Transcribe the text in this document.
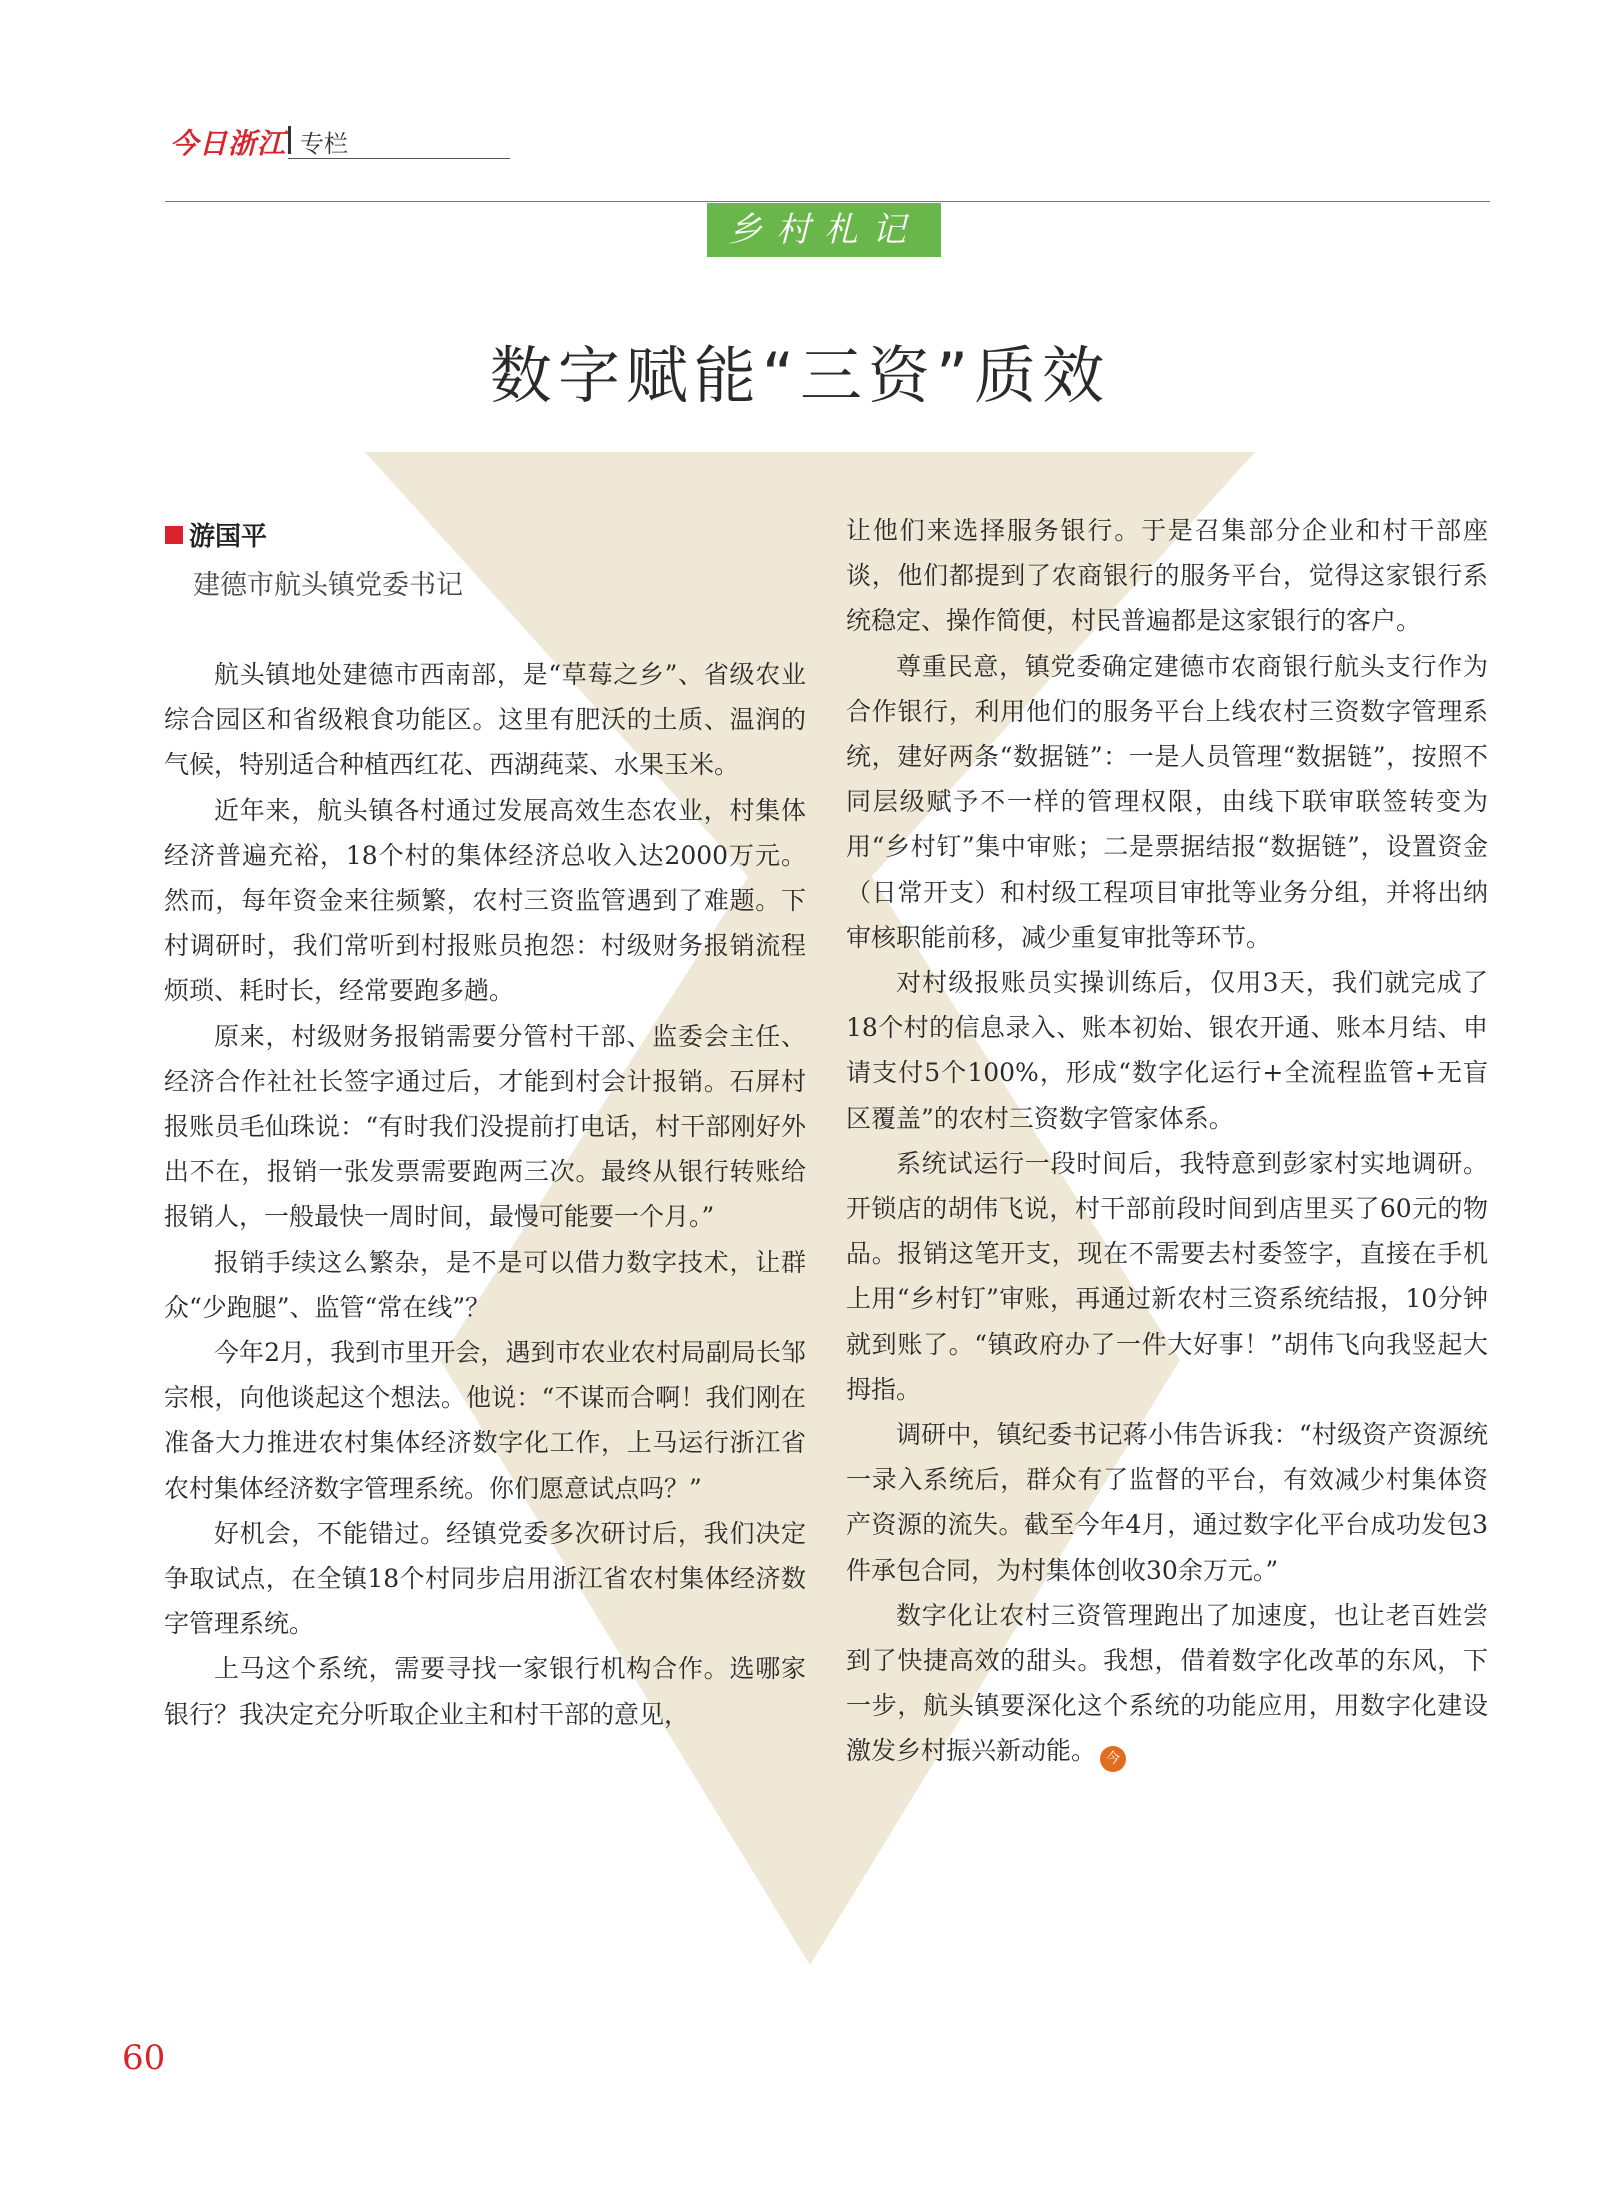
今日浙江 专栏
乡村札记
数字赋能“三资”质效
游国平
建德市航头镇党委书记

航头镇地处建德市西南部，是“草莓之乡”、省级农业综合园区和省级粮食功能区。这里有肥沃的土质、温润的气候，特别适合种植西红花、西湖莼菜、水果玉米。

近年来，航头镇各村通过发展高效生态农业，村集体经济普遍充裕，18个村的集体经济总收入达2000万元。然而，每年资金来往频繁，农村三资监管遇到了难题。下村调研时，我们常听到村报账员抱怨：村级财务报销流程烦琐、耗时长，经常要跑多趟。

原来，村级财务报销需要分管村干部、监委会主任、经济合作社社长签字通过后，才能到村会计报销。石屏村报账员毛仙珠说：“有时我们没提前打电话，村干部刚好外出不在，报销一张发票需要跑两三次。最终从银行转账给报销人，一般最快一周时间，最慢可能要一个月。”

报销手续这么繁杂，是不是可以借力数字技术，让群众“少跑腿”、监管“常在线”？

今年2月，我到市里开会，遇到市农业农村局副局长邹宗根，向他谈起这个想法。他说：“不谋而合啊！我们刚在准备大力推进农村集体经济数字化工作，上马运行浙江省农村集体经济数字管理系统。你们愿意试点吗？”

好机会，不能错过。经镇党委多次研讨后，我们决定争取试点，在全镇18个村同步启用浙江省农村集体经济数字管理系统。

上马这个系统，需要寻找一家银行机构合作。选哪家银行？我决定充分听取企业主和村干部的意见，

让他们来选择服务银行。于是召集部分企业和村干部座谈，他们都提到了农商银行的服务平台，觉得这家银行系统稳定、操作简便，村民普遍都是这家银行的客户。

尊重民意，镇党委确定建德市农商银行航头支行作为合作银行，利用他们的服务平台上线农村三资数字管理系统，建好两条“数据链”：一是人员管理“数据链”，按照不同层级赋予不一样的管理权限，由线下联审联签转变为用“乡村钉”集中审账；二是票据结报“数据链”，设置资金（日常开支）和村级工程项目审批等业务分组，并将出纳审核职能前移，减少重复审批等环节。

对村级报账员实操训练后，仅用3天，我们就完成了18个村的信息录入、账本初始、银农开通、账本月结、申请支付5个100%，形成“数字化运行+全流程监管+无盲区覆盖”的农村三资数字管家体系。

系统试运行一段时间后，我特意到彭家村实地调研。开锁店的胡伟飞说，村干部前段时间到店里买了60元的物品。报销这笔开支，现在不需要去村委签字，直接在手机上用“乡村钉”审账，再通过新农村三资系统结报，10分钟就到账了。“镇政府办了一件大好事！”胡伟飞向我竖起大拇指。

调研中，镇纪委书记蒋小伟告诉我：“村级资产资源统一录入系统后，群众有了监督的平台，有效减少村集体资产资源的流失。截至今年4月，通过数字化平台成功发包3件承包合同，为村集体创收30余万元。”

数字化让农村三资管理跑出了加速度，也让老百姓尝到了快捷高效的甜头。我想，借着数字化改革的东风，下一步，航头镇要深化这个系统的功能应用，用数字化建设激发乡村振兴新动能。 今

60
